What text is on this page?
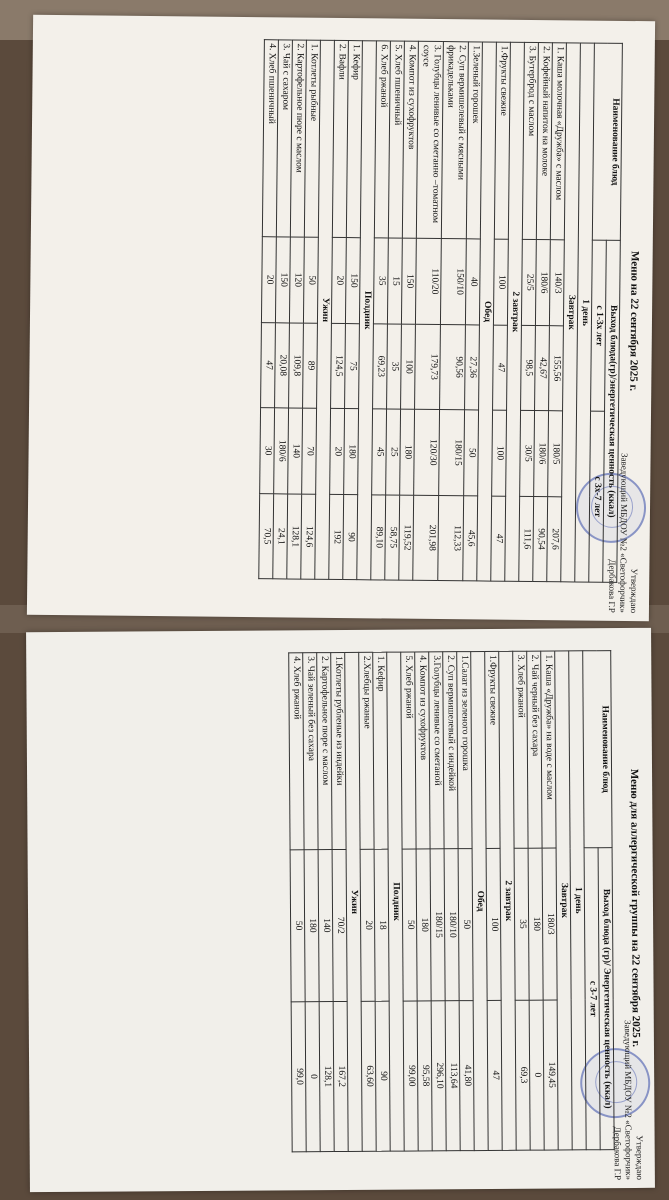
Утверждаю
Заведующий МБДОУ №2 «Светофорчик»
Дербакова Г.Р
Меню на 22 сентября 2025 г.
Наименование блюд	Выход блюда(гр)/энергетическая ценность (ккал)			
	с 1-3х лет		с 3х-7 лет	
1 день				
Завтрак				
1. Каша молочная «Дружба» с маслом	140/3	155,56	180/5	207,6
2. Кофейный напиток на молоке	180/6	42,67	180/6	90,54
3. Бутерброд с маслом	25/5	98,5	30/5	111,6
2 завтрак				
1.Фрукты свежие	100	47	100	47
Обед				
1.Зеленый горошек	40	27,36	50	45,6
2. Суп вермишелевый с мясными фрикадельками	150/10	90,56	180/15	112,33
3. Голубцы ленивые со сметанно –томатном соусе	110/20	179,73	120/30	201,98
4. Компот из сухофруктов	150	100	180	119,52
5. Хлеб пшеничный	15	35	25	58,75
6. Хлеб ржаной	35	69,23	45	89,10
Полдник				
1. Кефир	150	75	180	90
2. Вафли	20	124,5	20	192
Ужин				
1. Котлеты рыбные	50	89	70	124,6
2. Картофельное пюре с маслом	120	109,8	140	128,1
3. Чай с сахаром	150	20,08	180/6	24,1
4. Хлеб пшеничный	20	47	30	70,5
Утверждаю
Заведующий МБДОУ №2 «Светофорчик»
Дербакова Г.Р
Меню для аллергической группы на 22 сентября 2025 г.
Наименование блюд	Выход блюда (гр)/ Энергетическая ценность (ккал)	
	с 3-7 лет	
1 день		
Завтрак		
1. Каша «Дружба» на воде с маслом	180/3	149,45
2. Чай черный без сахара	180	0
3. Хлеб ржаной	35	69,3
2 завтрак		
1.Фрукты свежие	100	47
Обед		
1.Салат из зеленого горошка	50	41,80
2. Суп вермишелевый с индейкой	180/10	113,64
3.Голубцы ленивые со сметаной	180/15	296,10
4. Компот из сухофруктов	180	95,58
5. Хлеб ржаной	50	99,00
Полдник		
1. Кефир	18	90
2.Хлебцы ржаные	20	63,60
Ужин		
1.Котлеты рубленые из индейки	70/2	167,2
2. Картофельное пюре с маслом	140	128,1
3. Чай зеленый без сахара	180	0
4. Хлеб ржаной	50	99,0
